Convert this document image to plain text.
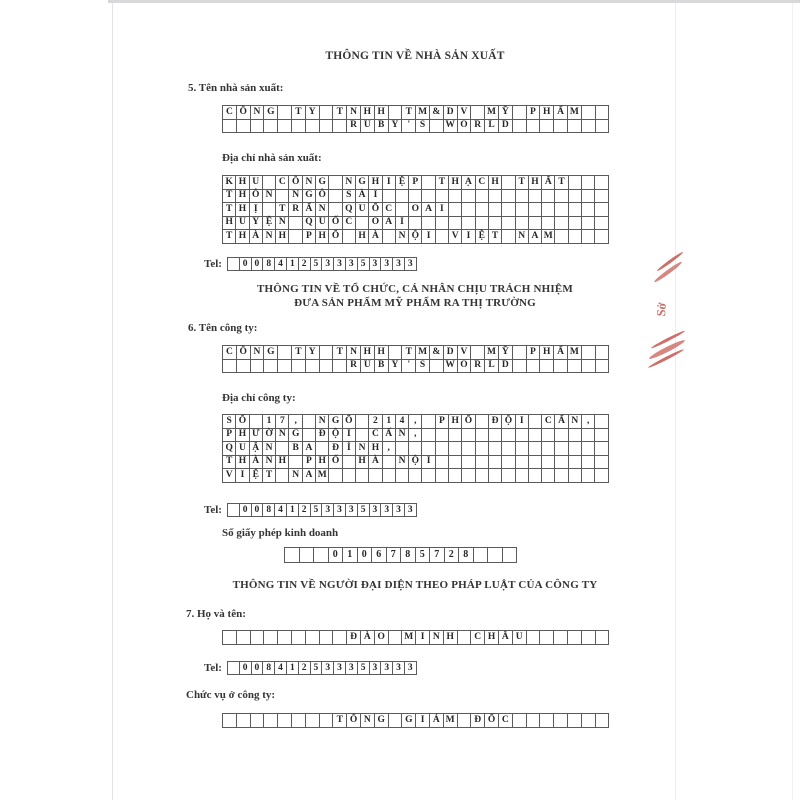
THÔNG TIN VỀ NHÀ SẢN XUẤT
5. Tên nhà sản xuất:
C Ô N G
	T Y
	T N H H
	T M & D V
	M Ỹ
	P H Ẩ M

R U B Y '	S
	W O R L D

Địa chỉ nhà sản xuất:
K H U
	C Ô N G
	N G H I Ệ P
	T H Ạ C H
	T H Ấ T

T H Ô N
	N G Ô
	S À I

T H Ị
	T R Ấ N
	Q U Ố C
	O A I

H U Y Ệ N
	Q U Ố C
	O A I

T H À N H
	P H Ố
	H À
	N Ộ I
	V I Ệ T
	N A M

Tel:
	0 0 8 4 1 2 5 3 3 3 5 3 3 3 3
THÔNG TIN VỀ TỔ CHỨC, CÁ NHÂN CHỊU TRÁCH NHIỆM
ĐƯA SẢN PHẨM MỸ PHẨM RA THỊ TRƯỜNG
6. Tên công ty:
C Ô N G
	T Y
	T N H H
	T M & D V
	M Ỹ
	P H Ẩ M

R U B Y '	S
	W O R L D

Địa chỉ công ty:
S Ố
	1 7	,
	N G Õ
	2 1 4	,
	P H Ố
	Đ Ộ I
	C Ấ N ,

P H Ư Ờ N G
	Đ Ộ I
	C Ấ N ,

Q U Ậ N
	B A
	Đ Ì N H ,

T H À N H
	P H Ố
	H À
	N Ộ I

V I Ệ T
	N A M

Tel:
	0 0 8 4 1 2 5 3 3 3 5 3 3 3 3
Số giấy phép kinh doanh

0 1 0 6 7 8 5 7 2 8

THÔNG TIN VỀ NGƯỜI ĐẠI DIỆN THEO PHÁP LUẬT CỦA CÔNG TY
7. Họ và tên:

Đ À O
	M I N H
	C H Â U

Tel:
	0 0 8 4 1 2 5 3 3 3 5 3 3 3 3
Chức vụ ở công ty:

T Ổ N G
	G I Á M
	Đ Ố C

Sở
